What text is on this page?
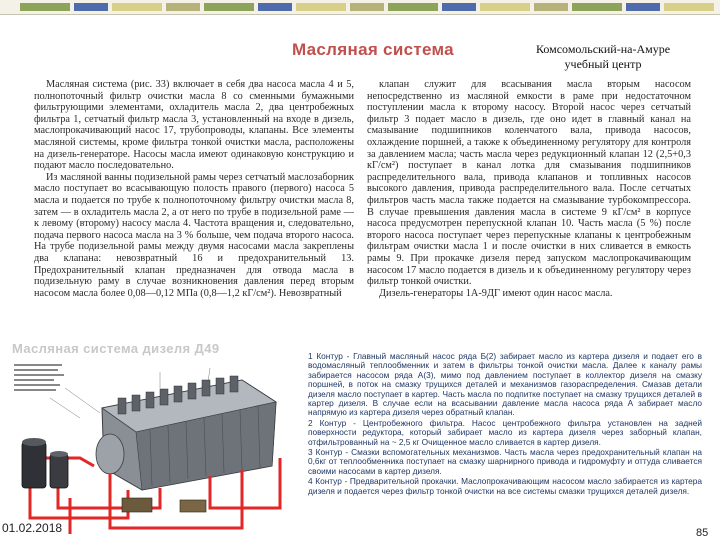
Масляная система	Комсомольский-на-Амуре учебный центр

Масляная система (рис. 33) включает в себя два насоса масла 4 и 5, полнопоточный фильтр очистки масла 8 со сменными бумажными фильтрующими элементами, охладитель масла 2, два центробежных фильтра 1, сетчатый фильтр масла 3, установленный на входе в дизель, маслопрокачивающий насос 17, трубопроводы, клапаны. Все элементы масляной системы, кроме фильтра тонкой очистки масла, расположены на дизель-генераторе. Насосы масла имеют одинаковую конструкцию и подают масло последовательно.

Из масляной ванны подизельной рамы через сетчатый маслозаборник масло поступает во всасывающую полость правого (первого) насоса 5 масла и подается по трубе к полнопоточному фильтру очистки масла 8, затем — в охладитель масла 2, а от него по трубе в подизельной раме — к левому (второму) насосу масла 4. Частота вращения и, следовательно, подача первого насоса масла на 3 % больше, чем подача второго насоса. На трубе подизельной рамы между двумя насосами масла закреплены два клапана: невозвратный 16 и предохранительный 13. Предохранительный клапан предназначен для отвода масла в подизельную раму в случае возникновения давления перед вторым насосом масла более 0,08—0,12 МПа (0,8—1,2 кГ/см²). Невозвратный

клапан служит для всасывания масла вторым насосом непосредственно из масляной емкости в раме при недостаточном поступлении масла к второму насосу. Второй насос через сетчатый фильтр 3 подает масло в дизель, где оно идет в главный канал на смазывание подшипников коленчатого вала, привода насосов, охлаждение поршней, а также к объединенному регулятору для контроля за давлением масла; часть масла через редукционный клапан 12 (2,5+0,3 кГ/см²) поступает в канал лотка для смазывания подшипников распределительного вала, привода клапанов и топливных насосов высокого давления, привода распределительного вала. После сетчатых фильтров часть масла также подается на смазывание турбокомпрессора. В случае превышения давления масла в системе 9 кГ/см² в корпусе насоса предусмотрен перепускной клапан 10. Часть масла (5 %) после второго насоса поступает через перепускные клапаны к центробежным фильтрам очистки масла 1 и после очистки в них сливается в емкость рамы 9. При прокачке дизеля перед запуском маслопрокачивающим насосом 17 масло подается в дизель и к объединенному регулятору через фильтр тонкой очистки.

Дизель-генераторы 1А-9ДГ имеют один насос масла.

Масляная система дизеля Д49	1 Контур - Главный масляный насос ряда Б(2) забирает масло из картера дизеля и подает его в водомасляный теплообменник и затем в фильтры тонкой очистки масла. Далее к каналу рамы забирается насосом ряда А(3), мимо под давлением поступает в коллектор дизеля на смазку поршней, в поток на смазку трущихся деталей и механизмов газораспределения. Смазав детали дизеля масло поступает в картер. Часть масла по подпитке поступает на смазку трущихся деталей в картер дизеля. В случае если на всасывании давление масла насоса ряда А забирает масло напрямую из картера дизеля через обратный клапан.

2 Контур - Центробежного фильтра. Насос центробежного фильтра установлен на задней поверхности редуктора, который забирает масло из картера дизеля через заборный клапан, отфильтрованный на ~ 2,5 кг Очищенное масло сливается в картер дизеля.

3 Контур - Смазки вспомогательных механизмов. Часть масла через предохранительный клапан на 0,6кг от теплообменника поступает на смазку шарнирного привода и гидромуфту и оттуда сливается своими насосами в картер дизеля.

4 Контур - Предварительной прокачки. Маслопрокачивающим насосом масло забирается из картера дизеля и подается через фильтр тонкой очистки на все системы смазки трущихся деталей дизеля.

01.02.2018	85
